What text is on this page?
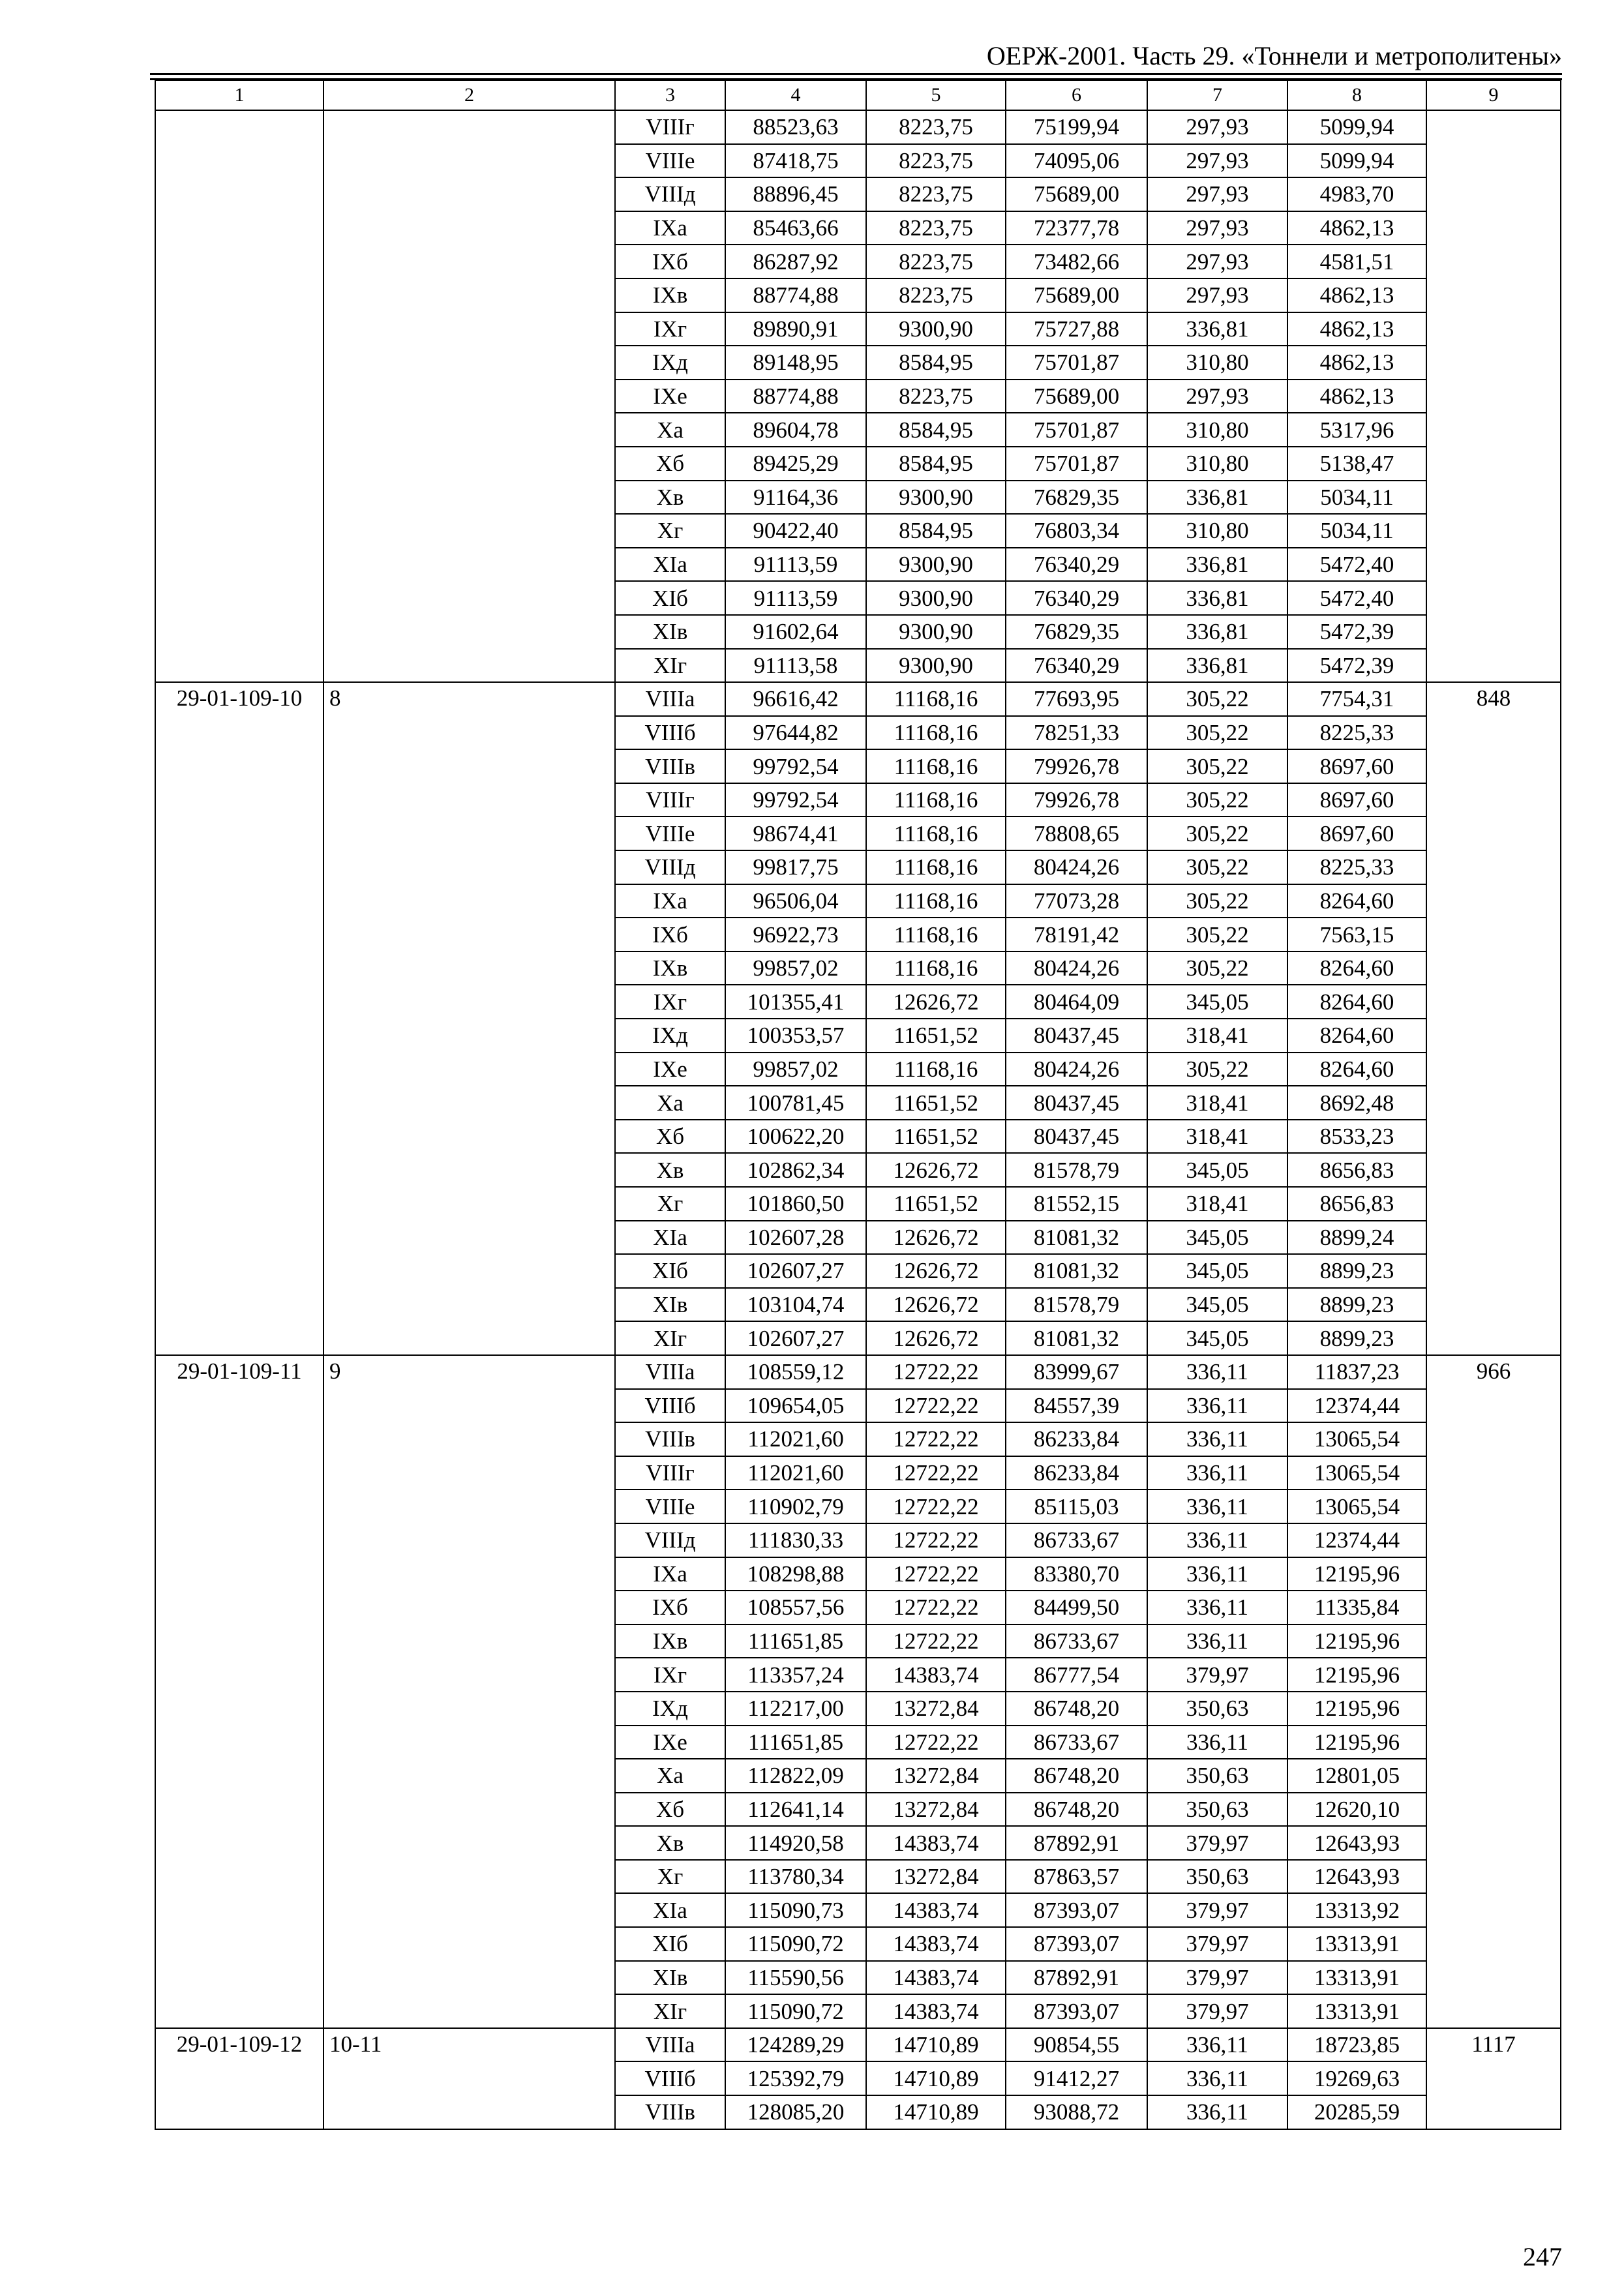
ОЕРЖ-2001. Часть 29. «Тоннели и метрополитены»
1	2	3	4	5	6	7	8	9
		VIIIг	88523,63	8223,75	75199,94	297,93	5099,94	
		VIIIе	87418,75	8223,75	74095,06	297,93	5099,94	
		VIIIд	88896,45	8223,75	75689,00	297,93	4983,70	
		IXа	85463,66	8223,75	72377,78	297,93	4862,13	
		IXб	86287,92	8223,75	73482,66	297,93	4581,51	
		IXв	88774,88	8223,75	75689,00	297,93	4862,13	
		IXг	89890,91	9300,90	75727,88	336,81	4862,13	
		IXд	89148,95	8584,95	75701,87	310,80	4862,13	
		IXе	88774,88	8223,75	75689,00	297,93	4862,13	
		Xа	89604,78	8584,95	75701,87	310,80	5317,96	
		Xб	89425,29	8584,95	75701,87	310,80	5138,47	
		Xв	91164,36	9300,90	76829,35	336,81	5034,11	
		Xг	90422,40	8584,95	76803,34	310,80	5034,11	
		XIа	91113,59	9300,90	76340,29	336,81	5472,40	
		XIб	91113,59	9300,90	76340,29	336,81	5472,40	
		XIв	91602,64	9300,90	76829,35	336,81	5472,39	
		XIг	91113,58	9300,90	76340,29	336,81	5472,39	
29-01-109-10	8	VIIIа	96616,42	11168,16	77693,95	305,22	7754,31	848
		VIIIб	97644,82	11168,16	78251,33	305,22	8225,33	
		VIIIв	99792,54	11168,16	79926,78	305,22	8697,60	
		VIIIг	99792,54	11168,16	79926,78	305,22	8697,60	
		VIIIе	98674,41	11168,16	78808,65	305,22	8697,60	
		VIIIд	99817,75	11168,16	80424,26	305,22	8225,33	
		IXа	96506,04	11168,16	77073,28	305,22	8264,60	
		IXб	96922,73	11168,16	78191,42	305,22	7563,15	
		IXв	99857,02	11168,16	80424,26	305,22	8264,60	
		IXг	101355,41	12626,72	80464,09	345,05	8264,60	
		IXд	100353,57	11651,52	80437,45	318,41	8264,60	
		IXе	99857,02	11168,16	80424,26	305,22	8264,60	
		Xа	100781,45	11651,52	80437,45	318,41	8692,48	
		Xб	100622,20	11651,52	80437,45	318,41	8533,23	
		Xв	102862,34	12626,72	81578,79	345,05	8656,83	
		Xг	101860,50	11651,52	81552,15	318,41	8656,83	
		XIа	102607,28	12626,72	81081,32	345,05	8899,24	
		XIб	102607,27	12626,72	81081,32	345,05	8899,23	
		XIв	103104,74	12626,72	81578,79	345,05	8899,23	
		XIг	102607,27	12626,72	81081,32	345,05	8899,23	
29-01-109-11	9	VIIIа	108559,12	12722,22	83999,67	336,11	11837,23	966
		VIIIб	109654,05	12722,22	84557,39	336,11	12374,44	
		VIIIв	112021,60	12722,22	86233,84	336,11	13065,54	
		VIIIг	112021,60	12722,22	86233,84	336,11	13065,54	
		VIIIе	110902,79	12722,22	85115,03	336,11	13065,54	
		VIIIд	111830,33	12722,22	86733,67	336,11	12374,44	
		IXа	108298,88	12722,22	83380,70	336,11	12195,96	
		IXб	108557,56	12722,22	84499,50	336,11	11335,84	
		IXв	111651,85	12722,22	86733,67	336,11	12195,96	
		IXг	113357,24	14383,74	86777,54	379,97	12195,96	
		IXд	112217,00	13272,84	86748,20	350,63	12195,96	
		IXе	111651,85	12722,22	86733,67	336,11	12195,96	
		Xа	112822,09	13272,84	86748,20	350,63	12801,05	
		Xб	112641,14	13272,84	86748,20	350,63	12620,10	
		Xв	114920,58	14383,74	87892,91	379,97	12643,93	
		Xг	113780,34	13272,84	87863,57	350,63	12643,93	
		XIа	115090,73	14383,74	87393,07	379,97	13313,92	
		XIб	115090,72	14383,74	87393,07	379,97	13313,91	
		XIв	115590,56	14383,74	87892,91	379,97	13313,91	
		XIг	115090,72	14383,74	87393,07	379,97	13313,91	
29-01-109-12	10-11	VIIIа	124289,29	14710,89	90854,55	336,11	18723,85	1117
		VIIIб	125392,79	14710,89	91412,27	336,11	19269,63	
		VIIIв	128085,20	14710,89	93088,72	336,11	20285,59	
247
